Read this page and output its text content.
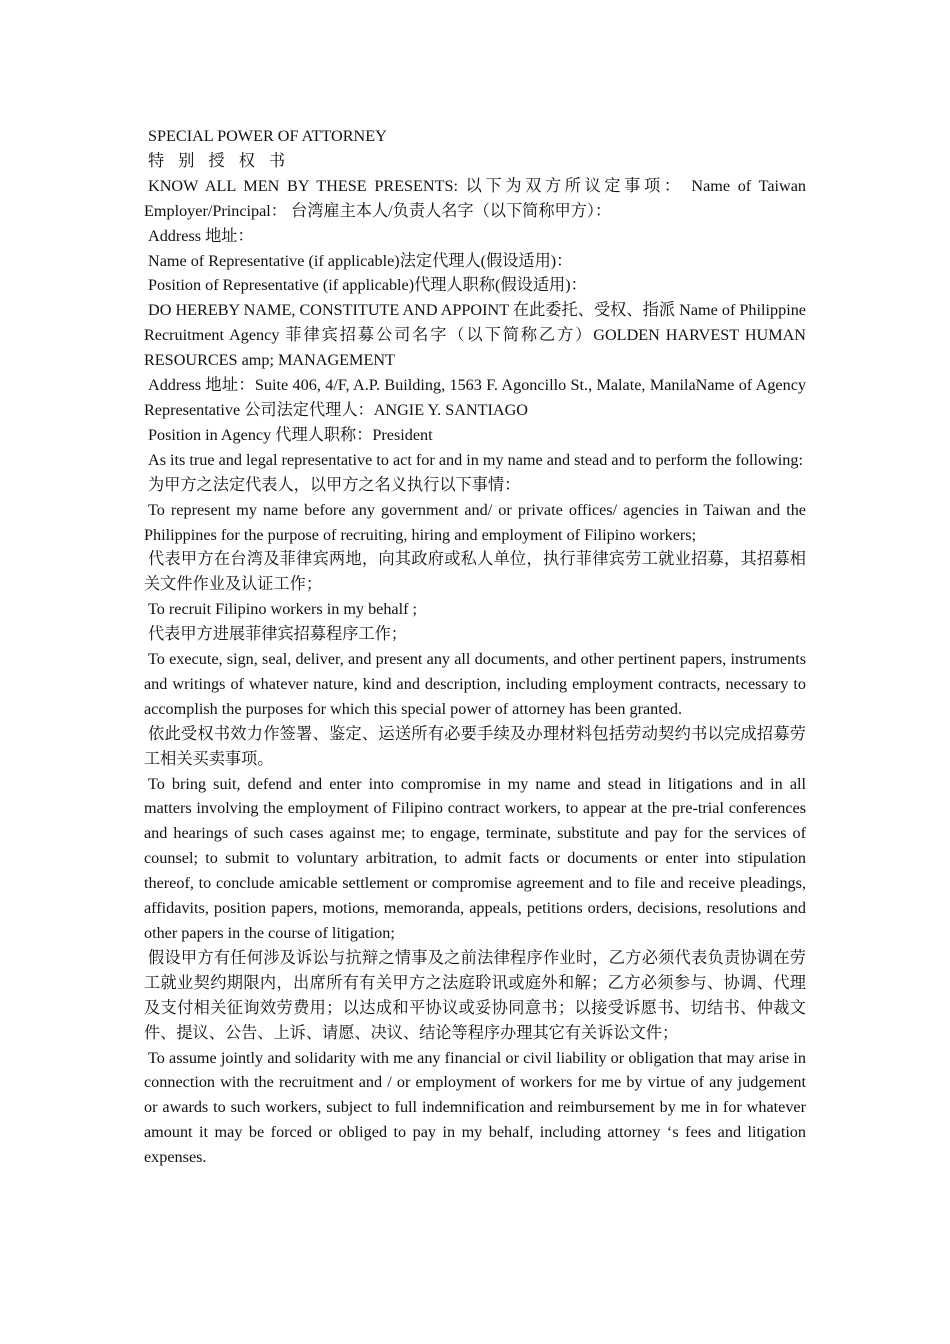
SPECIAL POWER OF ATTORNEY

特 别 授 权 书

KNOW ALL MEN BY THESE PRESENTS: 以下为双方所议定事项： Name of Taiwan Employer/Principal： 台湾雇主本人/负责人名字（以下简称甲方）：

Address 地址：

Name of Representative (if applicable)法定代理人(假设适用)：

Position of Representative (if applicable)代理人职称(假设适用)：

DO HEREBY NAME, CONSTITUTE AND APPOINT 在此委托、受权、指派 Name of Philippine Recruitment Agency 菲律宾招募公司名字（以下简称乙方）GOLDEN HARVEST HUMAN RESOURCES amp; MANAGEMENT

Address 地址：Suite 406, 4/F, A.P. Building, 1563 F. Agoncillo St., Malate, ManilaName of Agency Representative 公司法定代理人：ANGIE Y. SANTIAGO

Position in Agency 代理人职称：President

As its true and legal representative to act for and in my name and stead and to perform the following:

为甲方之法定代表人，以甲方之名义执行以下事情：

To represent my name before any government and/ or private offices/ agencies in Taiwan and the Philippines for the purpose of recruiting, hiring and employment of Filipino workers;

代表甲方在台湾及菲律宾两地，向其政府或私人单位，执行菲律宾劳工就业招募，其招募相关文件作业及认证工作；

To recruit Filipino workers in my behalf ;

代表甲方进展菲律宾招募程序工作；

To execute, sign, seal, deliver, and present any all documents, and other pertinent papers, instruments and writings of whatever nature, kind and description, including employment contracts, necessary to accomplish the purposes for which this special power of attorney has been granted.

依此受权书效力作签署、鉴定、运送所有必要手续及办理材料包括劳动契约书以完成招募劳工相关买卖事项。

To bring suit, defend and enter into compromise in my name and stead in litigations and in all matters involving the employment of Filipino contract workers, to appear at the pre-trial conferences and hearings of such cases against me; to engage, terminate, substitute and pay for the services of counsel; to submit to voluntary arbitration, to admit facts or documents or enter into stipulation thereof, to conclude amicable settlement or compromise agreement and to file and receive pleadings, affidavits, position papers, motions, memoranda, appeals, petitions orders, decisions, resolutions and other papers in the course of litigation;

假设甲方有任何涉及诉讼与抗辩之情事及之前法律程序作业时，乙方必须代表负责协调在劳工就业契约期限内，出席所有有关甲方之法庭聆讯或庭外和解；乙方必须参与、协调、代理及支付相关征询效劳费用；以达成和平协议或妥协同意书；以接受诉愿书、切结书、仲裁文件、提议、公告、上诉、请愿、决议、结论等程序办理其它有关诉讼文件；

To assume jointly and solidarity with me any financial or civil liability or obligation that may arise in connection with the recruitment and / or employment of workers for me by virtue of any judgement or awards to such workers, subject to full indemnification and reimbursement by me in for whatever amount it may be forced or obliged to pay in my behalf, including attorney ‘s fees and litigation expenses.
